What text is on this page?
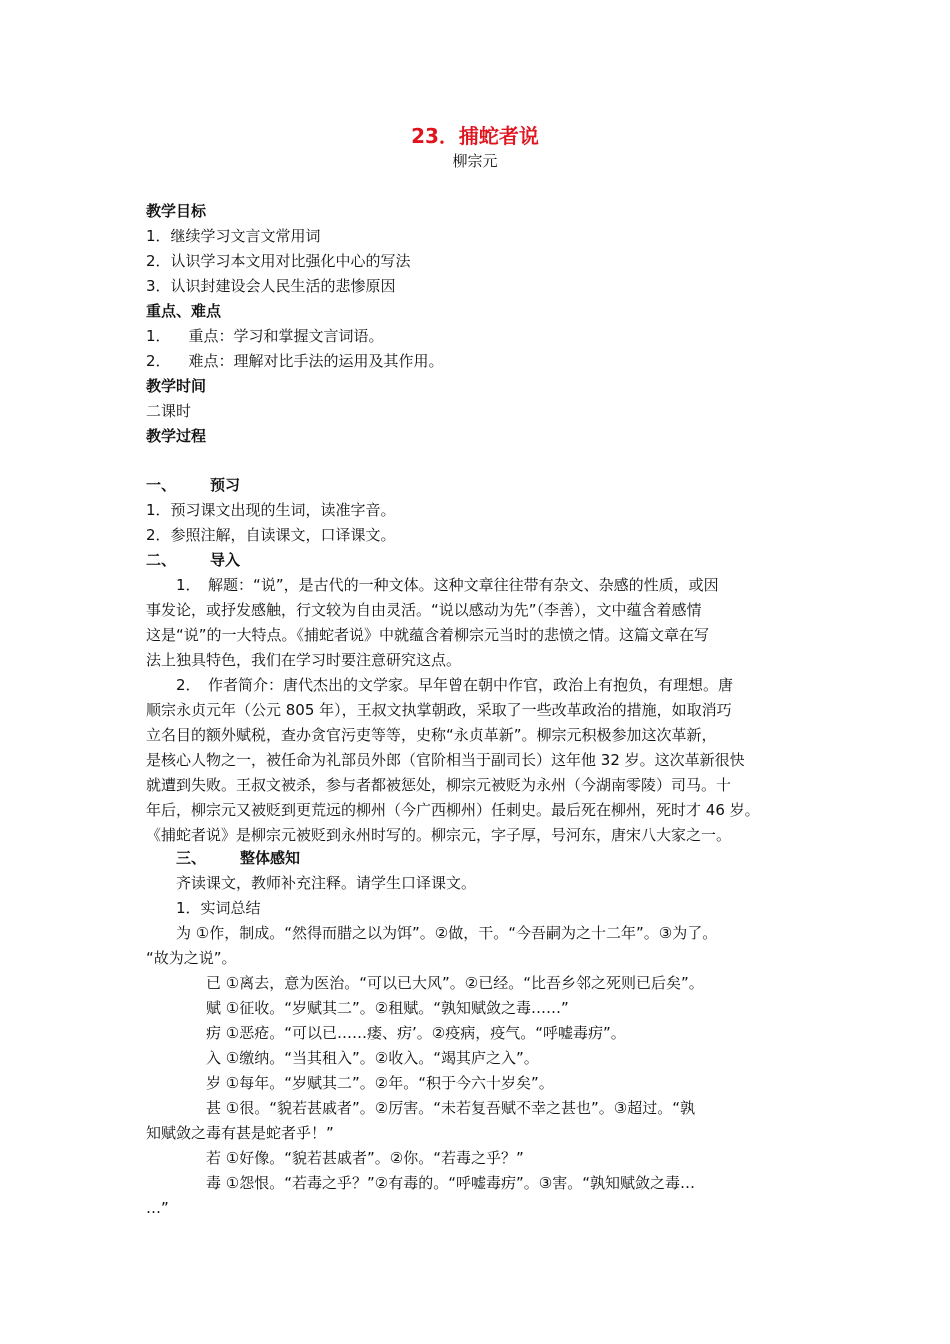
23．捕蛇者说
柳宗元

教学目标

1．继续学习文言文常用词

2．认识学习本文用对比强化中心的写法

3．认识封建设会人民生活的悲惨原因

重点、难点

1． 重点：学习和掌握文言词语。

2． 难点：理解对比手法的运用及其作用。

教学时间

二课时

教学过程

一、 预习

1．预习课文出现的生词，读准字音。

2．参照注解，自读课文，口译课文。

二、 导入

1．　解题：“说”，是古代的一种文体。这种文章往往带有杂文、杂感的性质，或因

事发论，或抒发感触，行文较为自由灵活。“说以感动为先”（李善），文中蕴含着感情

这是“说”的一大特点。《捕蛇者说》中就蕴含着柳宗元当时的悲愤之情。这篇文章在写

法上独具特色，我们在学习时要注意研究这点。

2．　作者简介：唐代杰出的文学家。早年曾在朝中作官，政治上有抱负，有理想。唐

顺宗永贞元年（公元 805 年），王叔文执掌朝政，采取了一些改革政治的措施，如取消巧

立名目的额外赋税，查办贪官污吏等等，史称“永贞革新”。柳宗元积极参加这次革新，

是核心人物之一，被任命为礼部员外郎（官阶相当于副司长）这年他 32 岁。这次革新很快

就遭到失败。王叔文被杀，参与者都被惩处，柳宗元被贬为永州（今湖南零陵）司马。十

年后，柳宗元又被贬到更荒远的柳州（今广西柳州）任刺史。最后死在柳州，死时才 46 岁。

《捕蛇者说》是柳宗元被贬到永州时写的。柳宗元，字子厚，号河东，唐宋八大家之一。

三、 整体感知

齐读课文，教师补充注释。请学生口译课文。

1．实词总结

为 ①作，制成。“然得而腊之以为饵”。②做，干。“今吾嗣为之十二年”。③为了。

“故为之说”。

已 ①离去，意为医治。“可以已大风”。②已经。“比吾乡邻之死则已后矣”。

赋 ①征收。“岁赋其二”。②租赋。“孰知赋敛之毒……”

疠 ①恶疮。“可以已……瘘、疠’。②疫病，疫气。“呼嘘毒疠”。

入 ①缴纳。“当其租入”。②收入。“竭其庐之入”。

岁 ①每年。“岁赋其二”。②年。“积于今六十岁矣”。

甚 ①很。“貌若甚戚者”。②厉害。“未若复吾赋不幸之甚也”。③超过。“孰

知赋敛之毒有甚是蛇者乎！”

若 ①好像。“貌若甚戚者”。②你。“若毒之乎？”

毒 ①怨恨。“若毒之乎？”②有毒的。“呼嘘毒疠”。③害。“孰知赋敛之毒…

…”
